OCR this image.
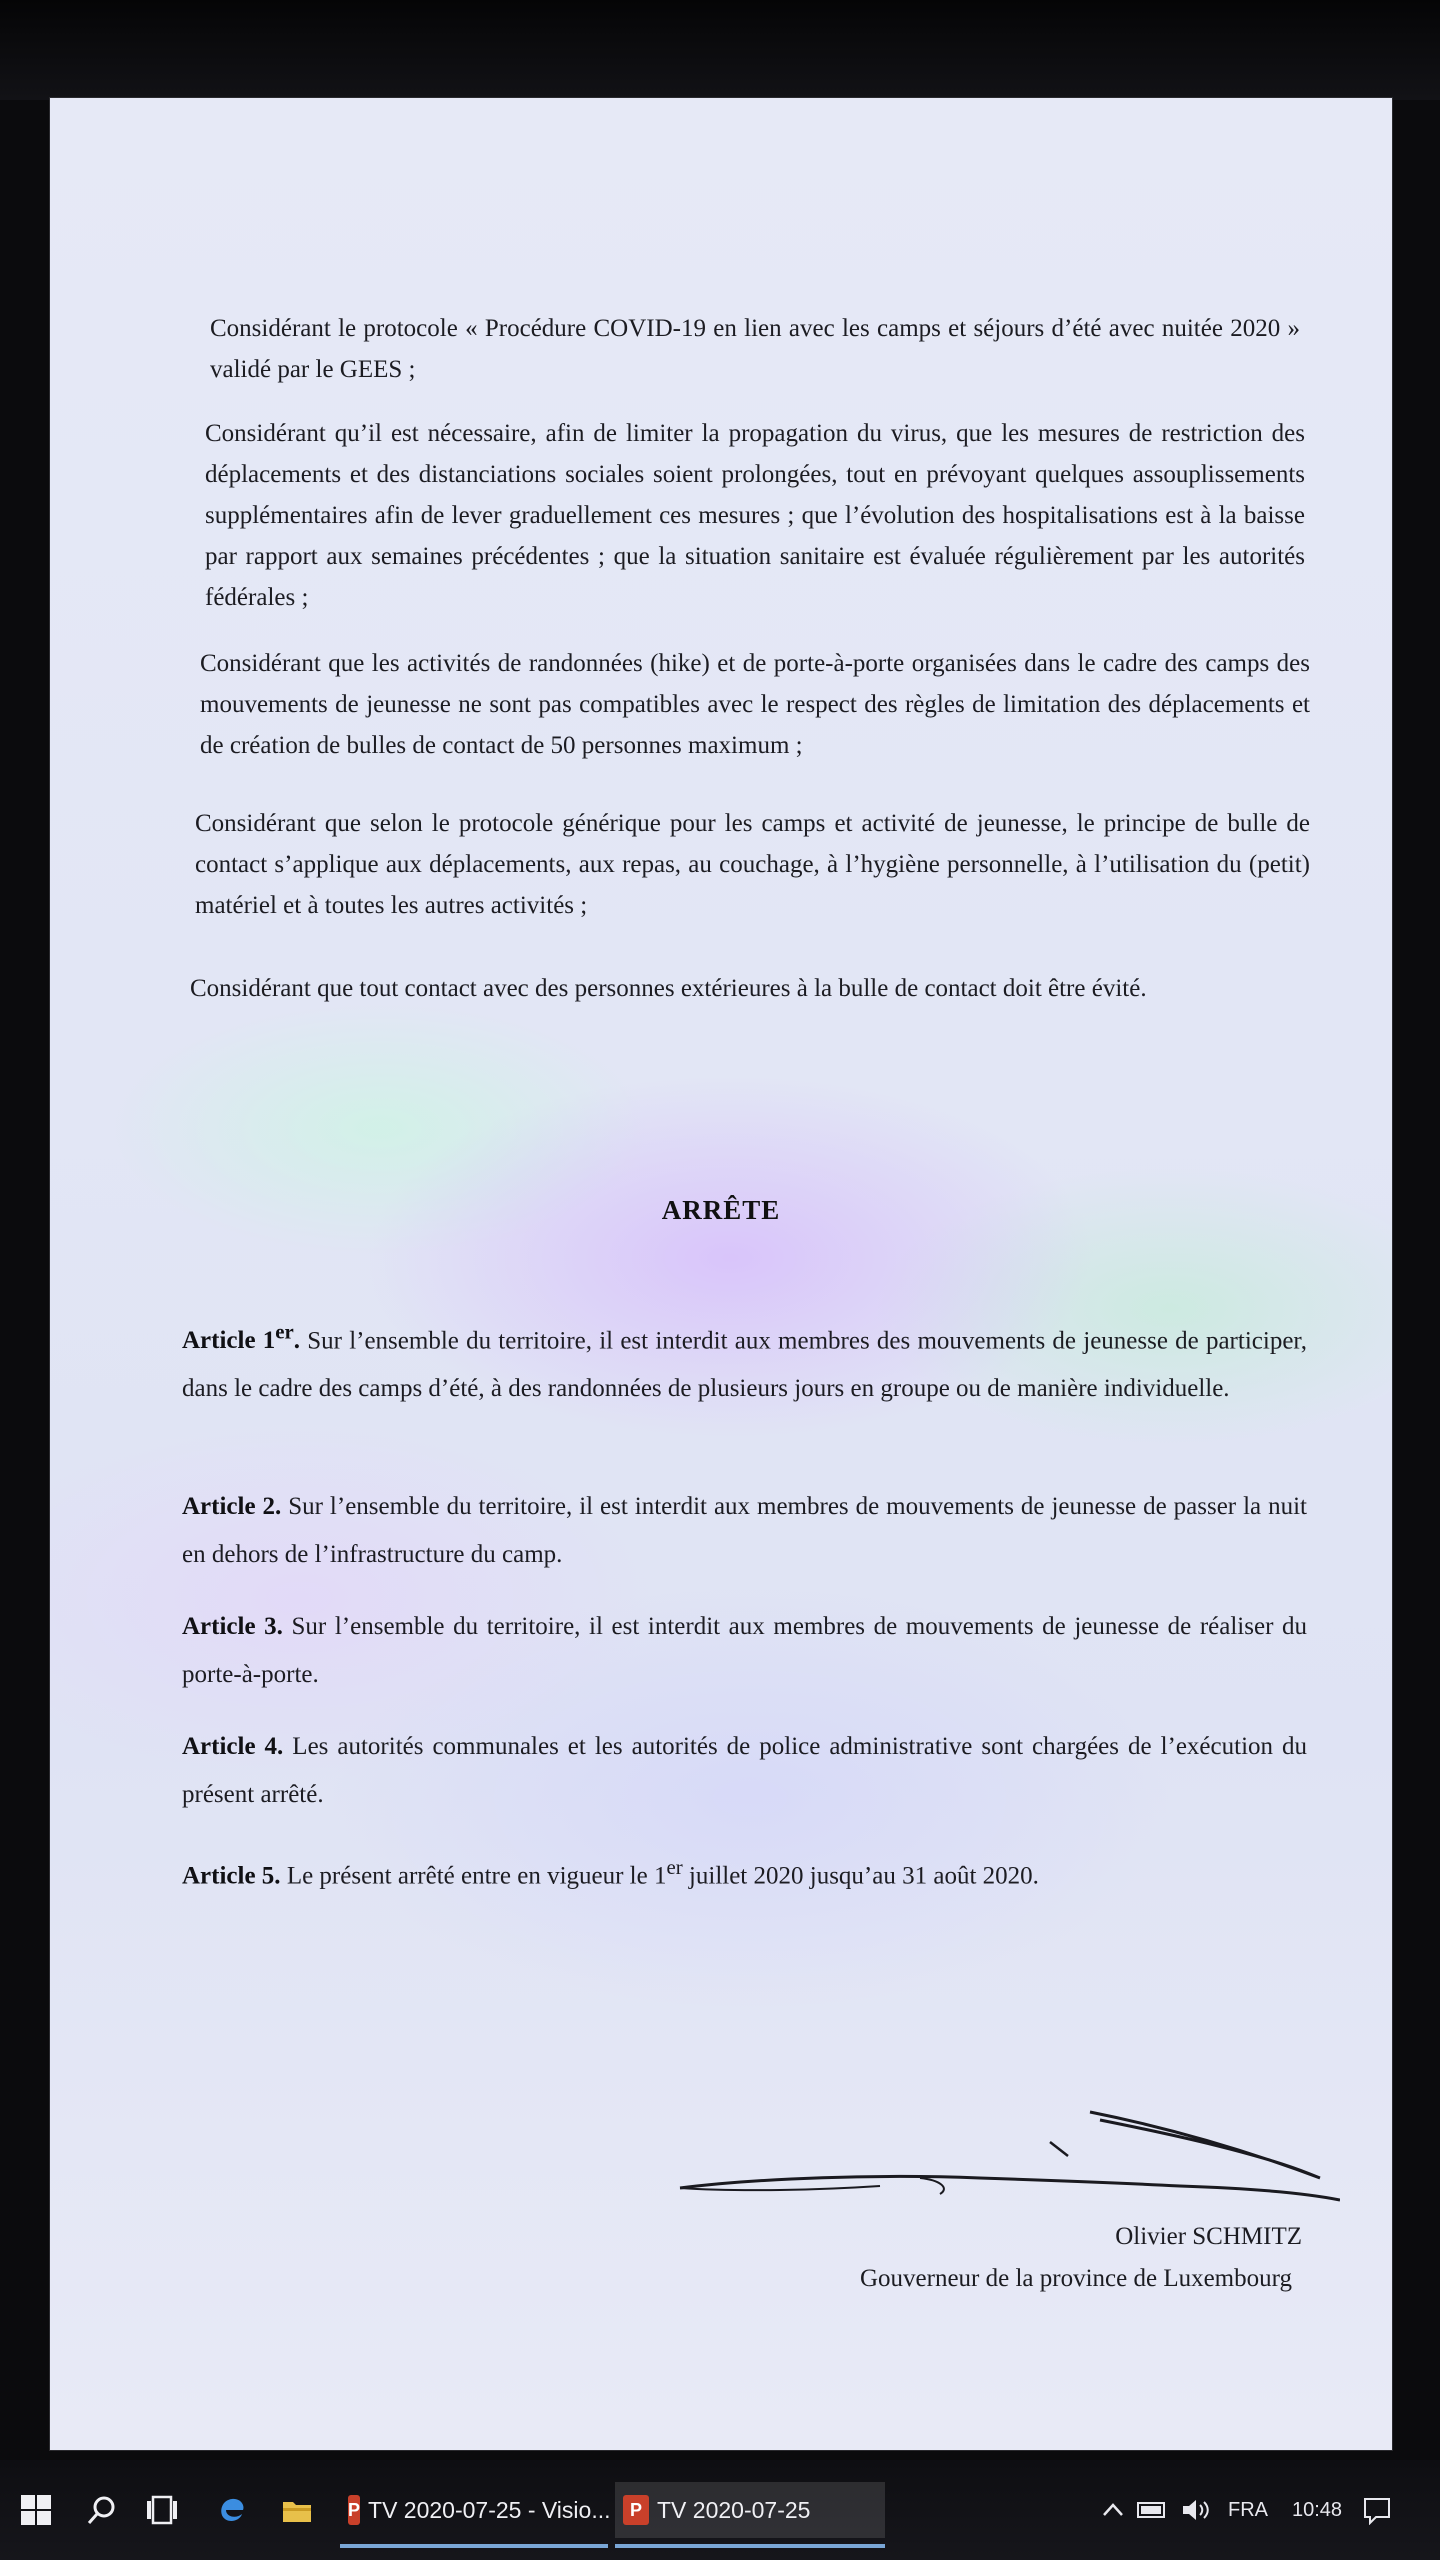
Considérant le protocole « Procédure COVID-19 en lien avec les camps et séjours d’été avec nuitée 2020 » validé par le GEES ;

Considérant qu’il est nécessaire, afin de limiter la propagation du virus, que les mesures de restriction des déplacements et des distanciations sociales soient prolongées, tout en prévoyant quelques assouplissements supplémentaires afin de lever graduellement ces mesures ; que l’évolution des hospitalisations est à la baisse par rapport aux semaines précédentes ; que la situation sanitaire est évaluée régulièrement par les autorités fédérales ;

Considérant que les activités de randonnées (hike) et de porte-à-porte organisées dans le cadre des camps des mouvements de jeunesse ne sont pas compatibles avec le respect des règles de limitation des déplacements et de création de bulles de contact de 50 personnes maximum ;

Considérant que selon le protocole générique pour les camps et activité de jeunesse, le principe de bulle de contact s’applique aux déplacements, aux repas, au couchage, à l’hygiène personnelle, à l’utilisation du (petit) matériel et à toutes les autres activités ;

Considérant que tout contact avec des personnes extérieures à la bulle de contact doit être évité.

ARRÊTE

Article 1er. Sur l’ensemble du territoire, il est interdit aux membres des mouvements de jeunesse de participer, dans le cadre des camps d’été, à des randonnées de plusieurs jours en groupe ou de manière individuelle.

Article 2. Sur l’ensemble du territoire, il est interdit aux membres de mouvements de jeunesse de passer la nuit en dehors de l’infrastructure du camp.

Article 3. Sur l’ensemble du territoire, il est interdit aux membres de mouvements de jeunesse de réaliser du porte-à-porte.

Article 4. Les autorités communales et les autorités de police administrative sont chargées de l’exécution du présent arrêté.

Article 5. Le présent arrêté entre en vigueur le 1er juillet 2020 jusqu’au 31 août 2020.

Olivier SCHMITZ
Gouverneur de la province de Luxembourg
P TV 2020-07-25 - Visio...	P TV 2020-07-25	FRA 10:48
